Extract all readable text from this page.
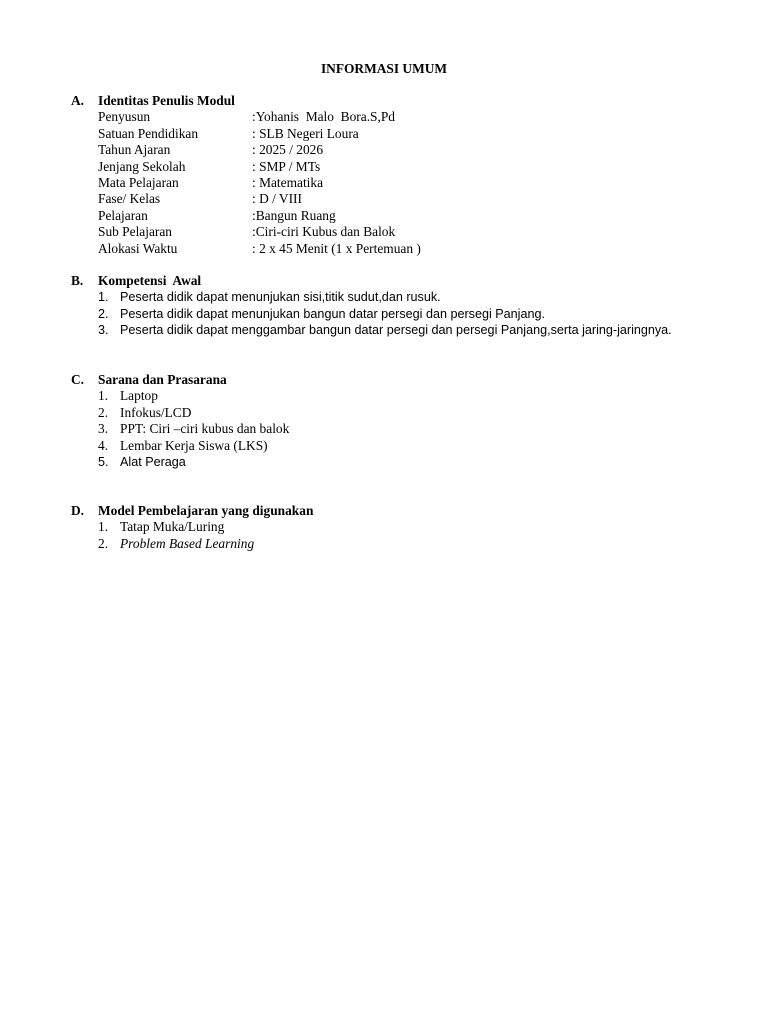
INFORMASI UMUM
A. Identitas Penulis Modul
Penyusun	:Yohanis  Malo  Bora.S,Pd
Satuan Pendidikan	: SLB Negeri Loura
Tahun Ajaran	: 2025 / 2026
Jenjang Sekolah	: SMP / MTs
Mata Pelajaran	: Matematika
Fase/ Kelas	: D / VIII
Pelajaran	:Bangun Ruang
Sub Pelajaran	:Ciri-ciri Kubus dan Balok
Alokasi Waktu	: 2 x 45 Menit (1 x Pertemuan )
B. Kompetensi  Awal
1. Peserta didik dapat menunjukan sisi,titik sudut,dan rusuk.
2. Peserta didik dapat menunjukan bangun datar persegi dan persegi Panjang.
3. Peserta didik dapat menggambar bangun datar persegi dan persegi Panjang,serta jaring-jaringnya.
C. Sarana dan Prasarana
1. Laptop
2. Infokus/LCD
3. PPT: Ciri –ciri kubus dan balok
4. Lembar Kerja Siswa (LKS)
5. Alat Peraga
D. Model Pembelajaran yang digunakan
1. Tatap Muka/Luring
2. Problem Based Learning
